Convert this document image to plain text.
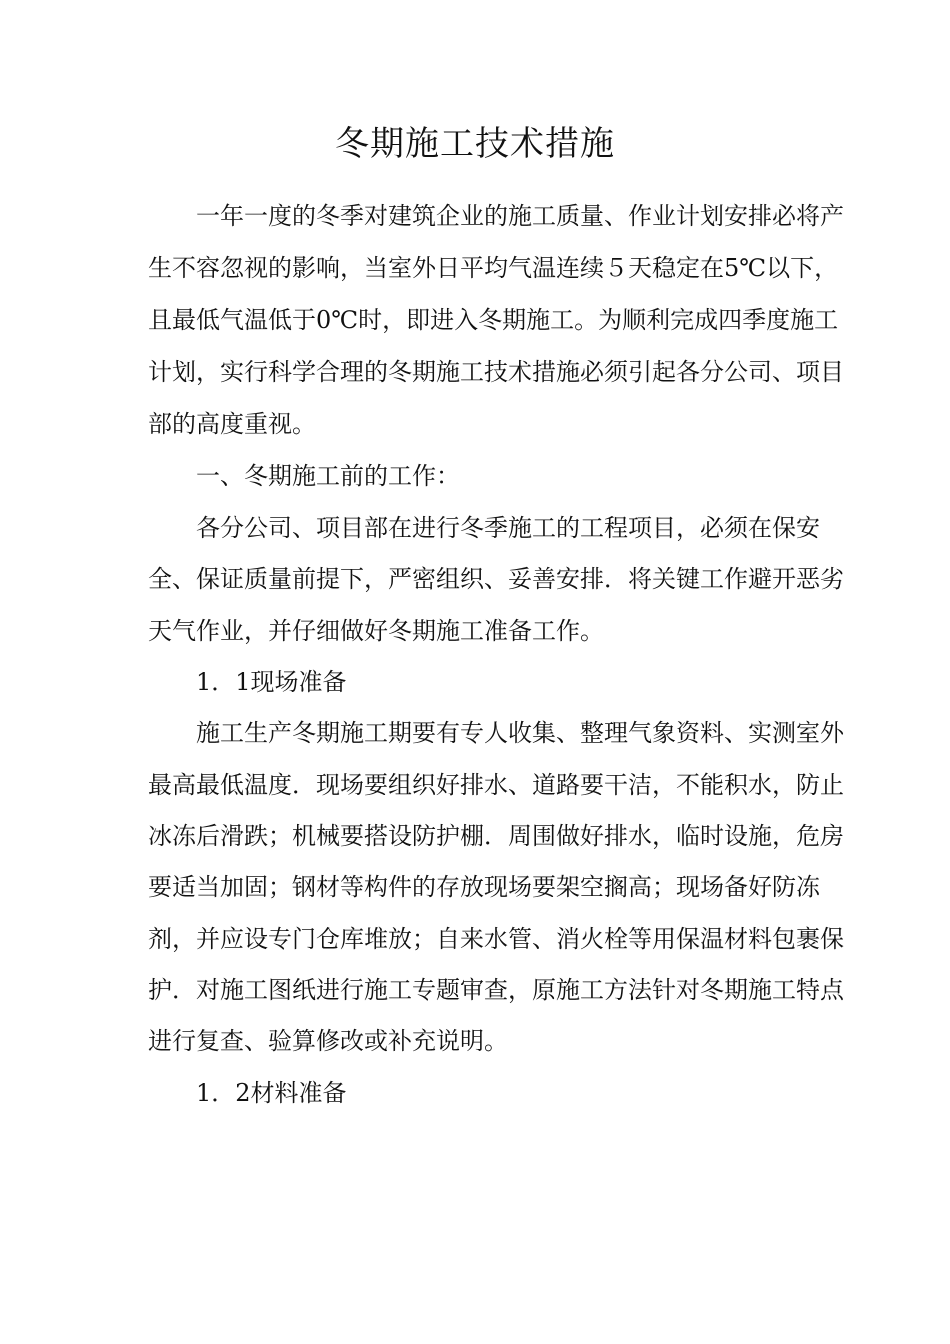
冬期施工技术措施
一年一度的冬季对建筑企业的施工质量、作业计划安排必将产
生不容忽视的影响，当室外日平均气温连续５天稳定在5℃以下，
且最低气温低于0℃时，即进入冬期施工。为顺利完成四季度施工
计划，实行科学合理的冬期施工技术措施必须引起各分公司、项目
部的高度重视。
一、冬期施工前的工作：
各分公司、项目部在进行冬季施工的工程项目，必须在保安
全、保证质量前提下，严密组织、妥善安排．将关键工作避开恶劣
天气作业，并仔细做好冬期施工准备工作。
1．1现场准备
施工生产冬期施工期要有专人收集、整理气象资料、实测室外
最高最低温度．现场要组织好排水、道路要干洁，不能积水，防止
冰冻后滑跌；机械要搭设防护棚．周围做好排水，临时设施，危房
要适当加固；钢材等构件的存放现场要架空搁高；现场备好防冻
剂，并应设专门仓库堆放；自来水管、消火栓等用保温材料包裹保
护．对施工图纸进行施工专题审查，原施工方法针对冬期施工特点
进行复查、验算修改或补充说明。
1．2材料准备
